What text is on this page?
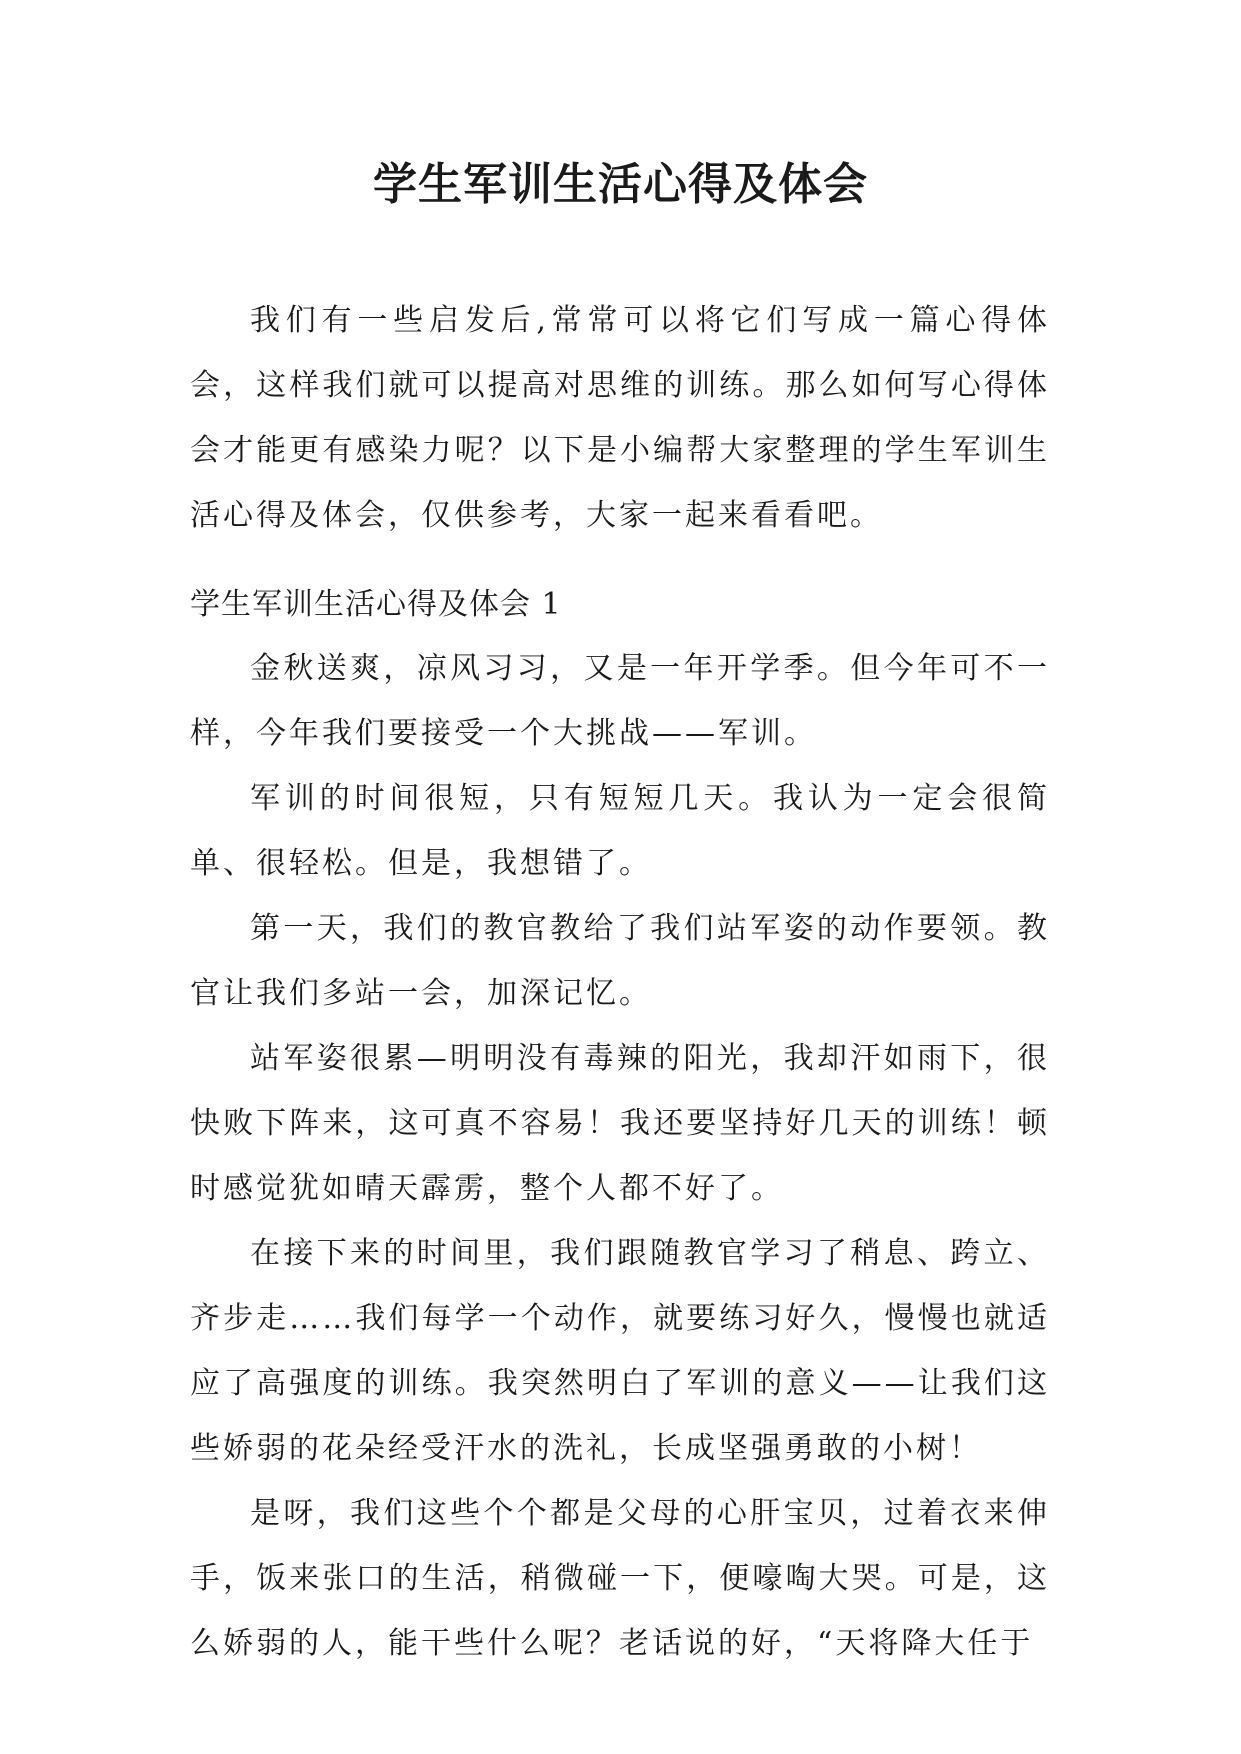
学生军训生活心得及体会

我们有一些启发后,常常可以将它们写成一篇心得体会，这样我们就可以提高对思维的训练。那么如何写心得体会才能更有感染力呢？以下是小编帮大家整理的学生军训生活心得及体会，仅供参考，大家一起来看看吧。

学生军训生活心得及体会 1

金秋送爽，凉风习习，又是一年开学季。但今年可不一样，今年我们要接受一个大挑战——军训。

军训的时间很短，只有短短几天。我认为一定会很简单、很轻松。但是，我想错了。

第一天，我们的教官教给了我们站军姿的动作要领。教官让我们多站一会，加深记忆。

站军姿很累—明明没有毒辣的阳光，我却汗如雨下，很快败下阵来，这可真不容易！我还要坚持好几天的训练！顿时感觉犹如晴天霹雳，整个人都不好了。

在接下来的时间里，我们跟随教官学习了稍息、跨立、齐步走……我们每学一个动作，就要练习好久，慢慢也就适应了高强度的训练。我突然明白了军训的意义——让我们这些娇弱的花朵经受汗水的洗礼，长成坚强勇敢的小树！

是呀，我们这些个个都是父母的心肝宝贝，过着衣来伸手，饭来张口的生活，稍微碰一下，便嚎啕大哭。可是，这么娇弱的人，能干些什么呢？老话说的好，“天将降大任于
